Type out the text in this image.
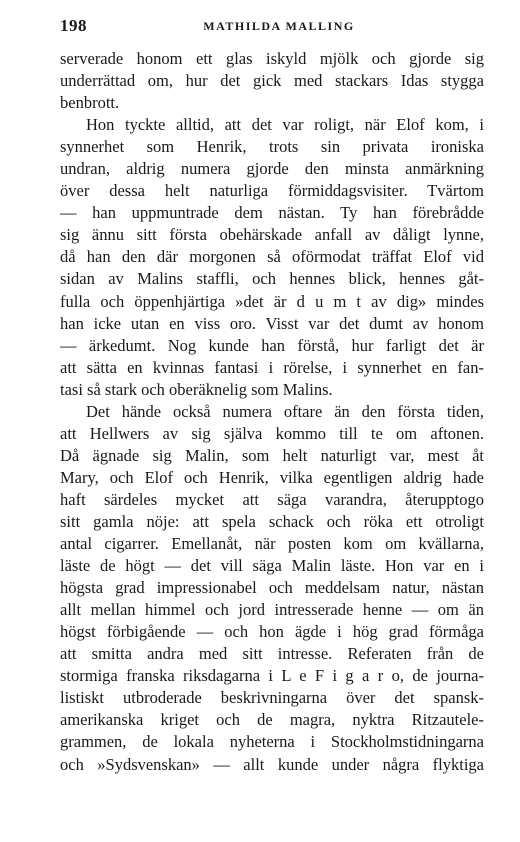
198	MATHILDA MALLING
serverade honom ett glas iskyld mjölk och gjorde sig
underrättad om, hur det gick med stackars Idas stygga
benbrott.
Hon tyckte alltid, att det var roligt, när Elof kom, i
synnerhet som Henrik, trots sin privata ironiska
undran, aldrig numera gjorde den minsta anmärkning
över dessa helt naturliga förmiddagsvisiter. Tvärtom
— han uppmuntrade dem nästan. Ty han förebrådde
sig ännu sitt första obehärskade anfall av dåligt lynne,
då han den där morgonen så oförmodat träffat Elof vid
sidan av Malins staffli, och hennes blick, hennes gåt-
fulla och öppenhjärtiga »det är d u m t av dig» mindes
han icke utan en viss oro. Visst var det dumt av honom
— ärkedumt. Nog kunde han förstå, hur farligt det är
att sätta en kvinnas fantasi i rörelse, i synnerhet en fan-
tasi så stark och oberäknelig som Malins.
Det hände också numera oftare än den första tiden,
att Hellwers av sig själva kommo till te om aftonen.
Då ägnade sig Malin, som helt naturligt var, mest åt
Mary, och Elof och Henrik, vilka egentligen aldrig hade
haft särdeles mycket att säga varandra, återupptogo
sitt gamla nöje: att spela schack och röka ett otroligt
antal cigarrer. Emellanåt, när posten kom om kvällarna,
läste de högt — det vill säga Malin läste. Hon var en i
högsta grad impressionabel och meddelsam natur, nästan
allt mellan himmel och jord intresserade henne — om än
högst förbigående — och hon ägde i hög grad förmåga
att smitta andra med sitt intresse. Referaten från de
stormiga franska riksdagarna i L e F i g a r o, de journa-
listiskt utbroderade beskrivningarna över det spansk-
amerikanska kriget och de magra, nyktra Ritzautele-
grammen, de lokala nyheterna i Stockholmstidningarna
och »Sydsvenskan» — allt kunde under några flyktiga
